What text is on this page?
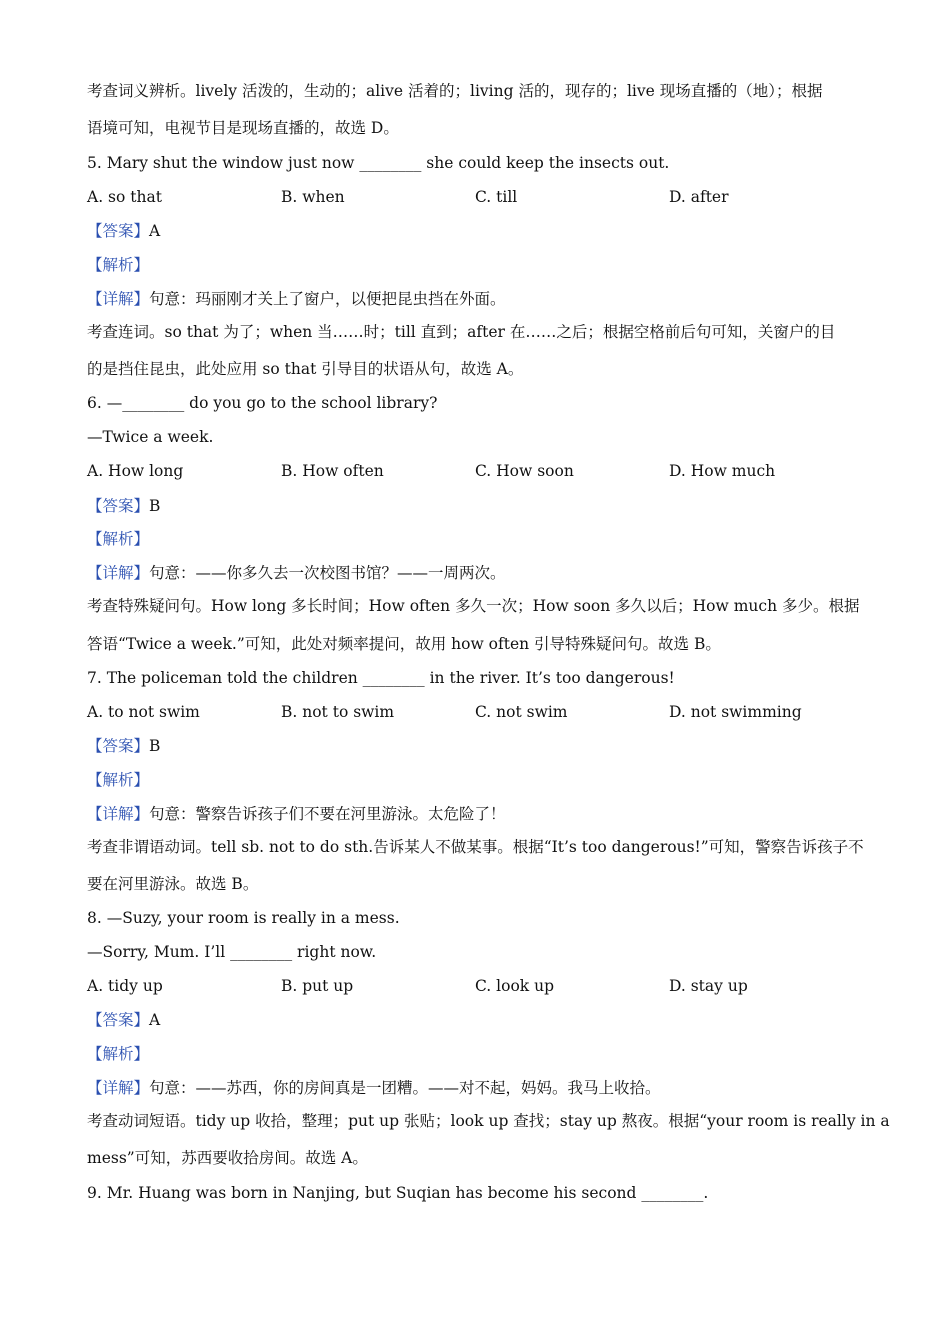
考查词义辨析。lively 活泼的，生动的；alive 活着的；living 活的，现存的；live 现场直播的（地）；根据
语境可知，电视节目是现场直播的，故选 D。
5. Mary shut the window just now ________ she could keep the insects out.
A. so that	B. when	C. till	D. after
【答案】A
【解析】
【详解】句意：玛丽刚才关上了窗户，以便把昆虫挡在外面。
考查连词。so that 为了；when 当……时；till 直到；after 在……之后；根据空格前后句可知，关窗户的目
的是挡住昆虫，此处应用 so that 引导目的状语从句，故选 A。
6. —________ do you go to the school library?
—Twice a week.
A. How long	B. How often	C. How soon	D. How much
【答案】B
【解析】
【详解】句意：——你多久去一次校图书馆？——一周两次。
考查特殊疑问句。How long 多长时间；How often 多久一次；How soon 多久以后；How much 多少。根据
答语“Twice a week.”可知，此处对频率提问，故用 how often 引导特殊疑问句。故选 B。
7. The policeman told the children ________ in the river. It’s too dangerous!
A. to not swim	B. not to swim	C. not swim	D. not swimming
【答案】B
【解析】
【详解】句意：警察告诉孩子们不要在河里游泳。太危险了！
考查非谓语动词。tell sb. not to do sth.告诉某人不做某事。根据“It’s too dangerous!”可知，警察告诉孩子不
要在河里游泳。故选 B。
8. —Suzy, your room is really in a mess.
—Sorry, Mum. I’ll ________ right now.
A. tidy up	B. put up	C. look up	D. stay up
【答案】A
【解析】
【详解】句意：——苏西，你的房间真是一团糟。——对不起，妈妈。我马上收拾。
考查动词短语。tidy up 收拾，整理；put up 张贴；look up 查找；stay up 熬夜。根据“your room is really in a
mess”可知，苏西要收拾房间。故选 A。
9. Mr. Huang was born in Nanjing, but Suqian has become his second ________.
